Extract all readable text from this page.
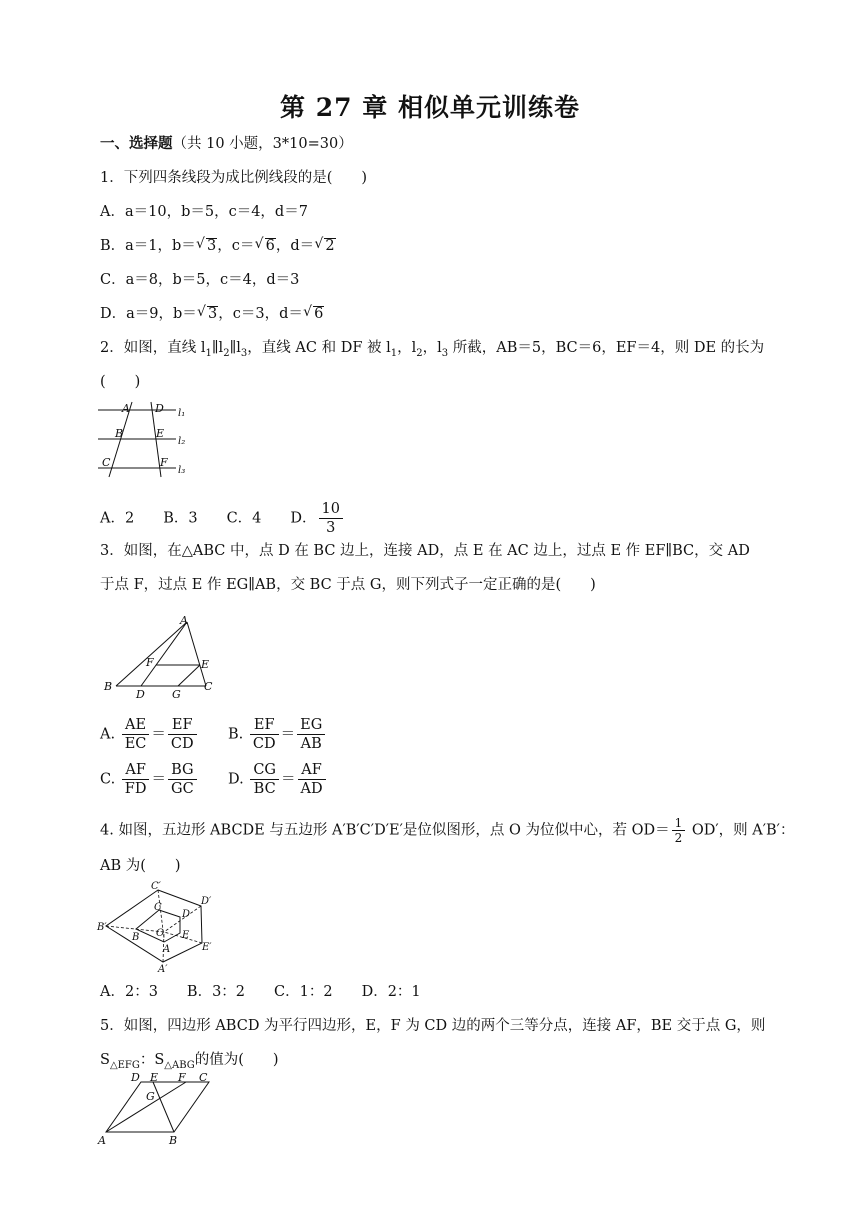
第 27 章 相似单元训练卷
一、选择题（共 10 小题，3*10=30）
1．下列四条线段为成比例线段的是(　　)
A．a＝10，b＝5，c＝4，d＝7
B．a＝1，b＝ √ 3，c＝ √ 6，d＝ √ 2
C．a＝8，b＝5，c＝4，d＝3
D．a＝9，b＝ √ 3，c＝3，d＝ √ 6
2．如图，直线 $l_1\parallel l_2\parallel l_3$，直线 AC 和 DF 被 $l_1$，$l_2$，$l_3$ 所截，AB＝5，BC＝6，EF＝4，则 DE 的长为
(　　)
A D
B	E
C	F
l₁
l₂
l₃
A．2　　B．3　　C．4　　D． $\frac{10}{3}$
3．如图，在△ABC 中，点 D 在 BC 边上，连接 AD，点 E 在 AC 边上，过点 E 作 EF∥BC，交 AD
于点 F，过点 E 作 EG∥AB，交 BC 于点 G，则下列式子一定正确的是(　　)
A
B	C
D
E
F
G
A. $\frac{AE}{EC} = \frac{EF}{CD} B$. $\frac{EF}{CD} = \frac{EG}{AB}$
C. $\frac{AF}{FD} = \frac{BG}{GC} D$. $\frac{CG}{BC} = \frac{AF}{AD}$
4. 如图，五边形 ABCDE 与五边形 A′B′C′D′E′是位似图形，点 O 为位似中心，若 $OD= \frac{1}{2} OD'$，则 A′B′：
AB 为(　　)
C′
D′
E′
A′
B′
C
D
E
A
B O
A．2：3　　B．3：2　　C．1：2　　D．2：1
5．如图，四边形 ABCD 为平行四边形，E，F 为 CD 边的两个三等分点，连接 AF，BE 交于点 G，则
$S_{\triangle EFG}$：$S_{\triangle ABG}$的值为(　　)
D E F C
G
A	B
